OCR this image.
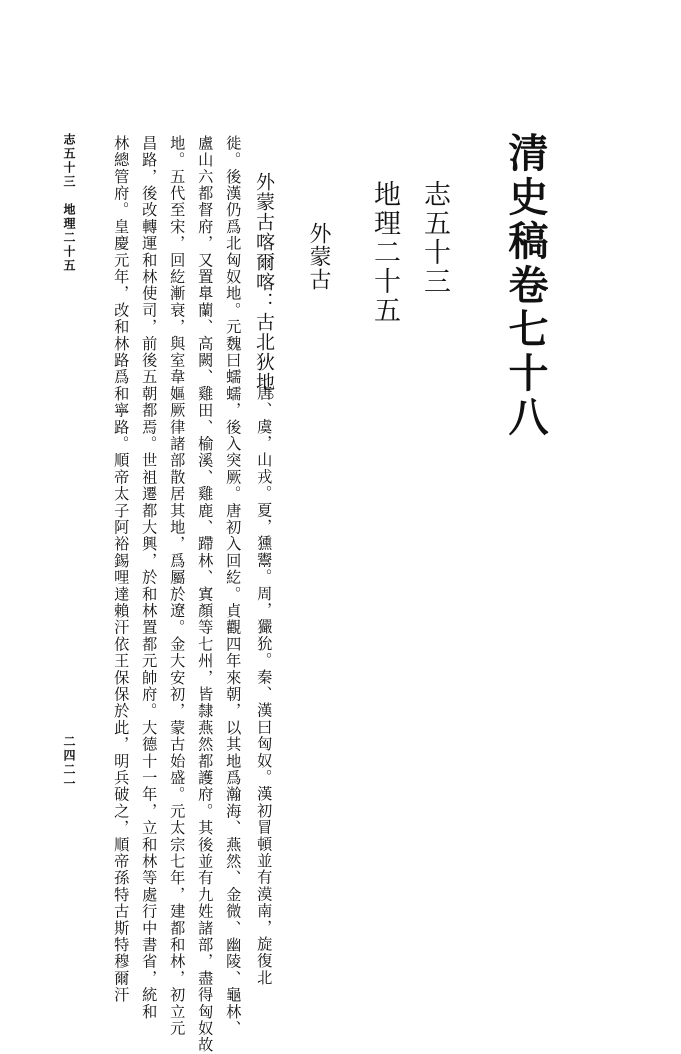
清史稿卷七十八
志五十三
地理二十五
外蒙古
外蒙古喀爾喀：古北狄地。
唐、虞，山戎。夏，獯鬻。周，玁狁。秦、漢曰匈奴。漢初冒頓並有漠南，旋復北
徙。後漢仍爲北匈奴地。元魏曰蠕蠕，後入突厥。唐初入回紇。貞觀四年來朝，以其地爲瀚海、燕然、金微、幽陵、龜林、
盧山六都督府，又置臯蘭、高闕、雞田、榆溪、雞鹿、蹛林、寘顏等七州，皆隸燕然都護府。其後並有九姓諸部，盡得匈奴故
地。五代至宋，回紇漸衰，與室韋嫗厥律諸部散居其地，爲屬於遼。金大安初，蒙古始盛。元太宗七年，建都和林，初立元
昌路，後改轉運和林使司，前後五朝都焉。世祖遷都大興，於和林置都元帥府。大德十一年，立和林等處行中書省，統和
林總管府。皇慶元年，改和林路爲和寧路。順帝太子阿裕錫哩達賴汗依王保保於此，明兵破之，順帝孫特古斯特穆爾汗
志五十三　地理二十五
二四二一
